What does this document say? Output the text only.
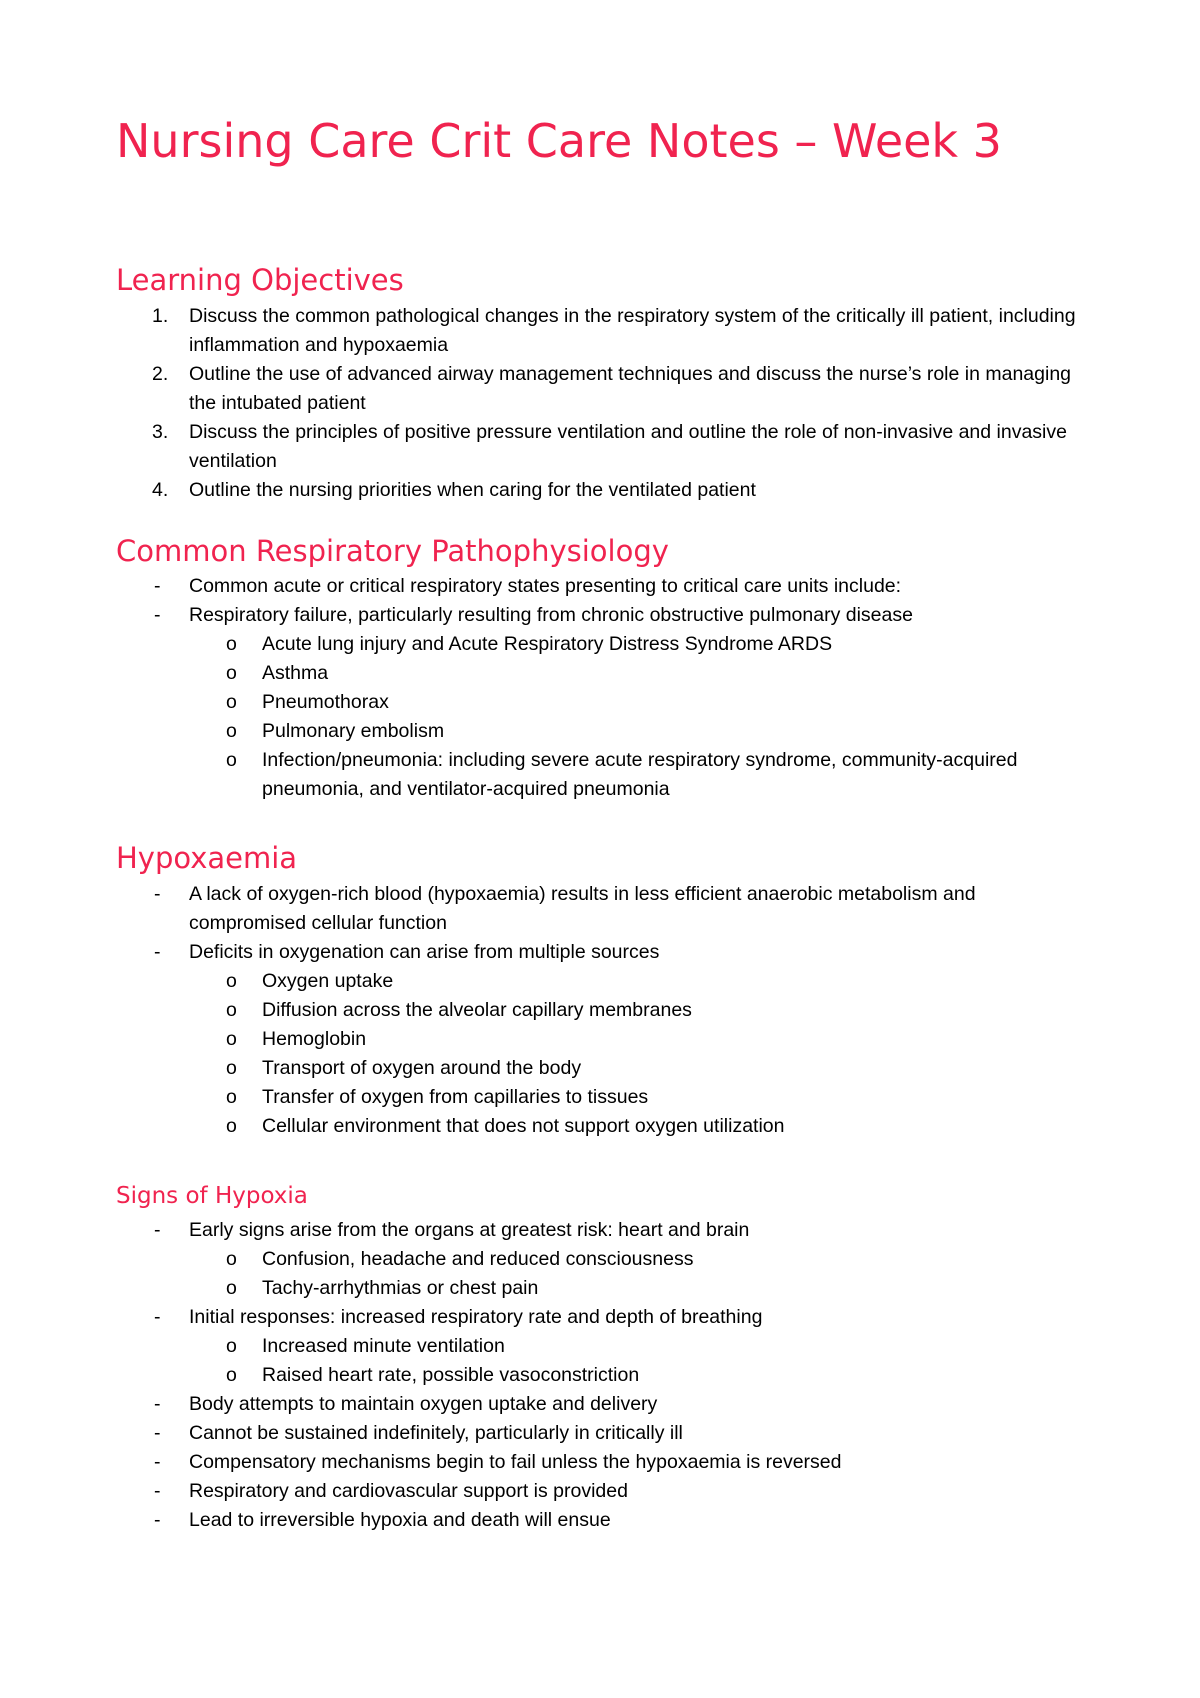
Nursing Care Crit Care Notes – Week 3
Learning Objectives
1. Discuss the common pathological changes in the respiratory system of the critically ill patient, including inflammation and hypoxaemia
2. Outline the use of advanced airway management techniques and discuss the nurse’s role in managing the intubated patient
3. Discuss the principles of positive pressure ventilation and outline the role of non-invasive and invasive ventilation
4. Outline the nursing priorities when caring for the ventilated patient
Common Respiratory Pathophysiology
- Common acute or critical respiratory states presenting to critical care units include:
- Respiratory failure, particularly resulting from chronic obstructive pulmonary disease
o Acute lung injury and Acute Respiratory Distress Syndrome ARDS
o Asthma
o Pneumothorax
o Pulmonary embolism
o Infection/pneumonia: including severe acute respiratory syndrome, community-acquired pneumonia, and ventilator-acquired pneumonia
Hypoxaemia
- A lack of oxygen-rich blood (hypoxaemia) results in less efficient anaerobic metabolism and compromised cellular function
- Deficits in oxygenation can arise from multiple sources
o Oxygen uptake
o Diffusion across the alveolar capillary membranes
o Hemoglobin
o Transport of oxygen around the body
o Transfer of oxygen from capillaries to tissues
o Cellular environment that does not support oxygen utilization
Signs of Hypoxia
- Early signs arise from the organs at greatest risk: heart and brain
o Confusion, headache and reduced consciousness
o Tachy-arrhythmias or chest pain
- Initial responses: increased respiratory rate and depth of breathing
o Increased minute ventilation
o Raised heart rate, possible vasoconstriction
- Body attempts to maintain oxygen uptake and delivery
- Cannot be sustained indefinitely, particularly in critically ill
- Compensatory mechanisms begin to fail unless the hypoxaemia is reversed
- Respiratory and cardiovascular support is provided
- Lead to irreversible hypoxia and death will ensue
